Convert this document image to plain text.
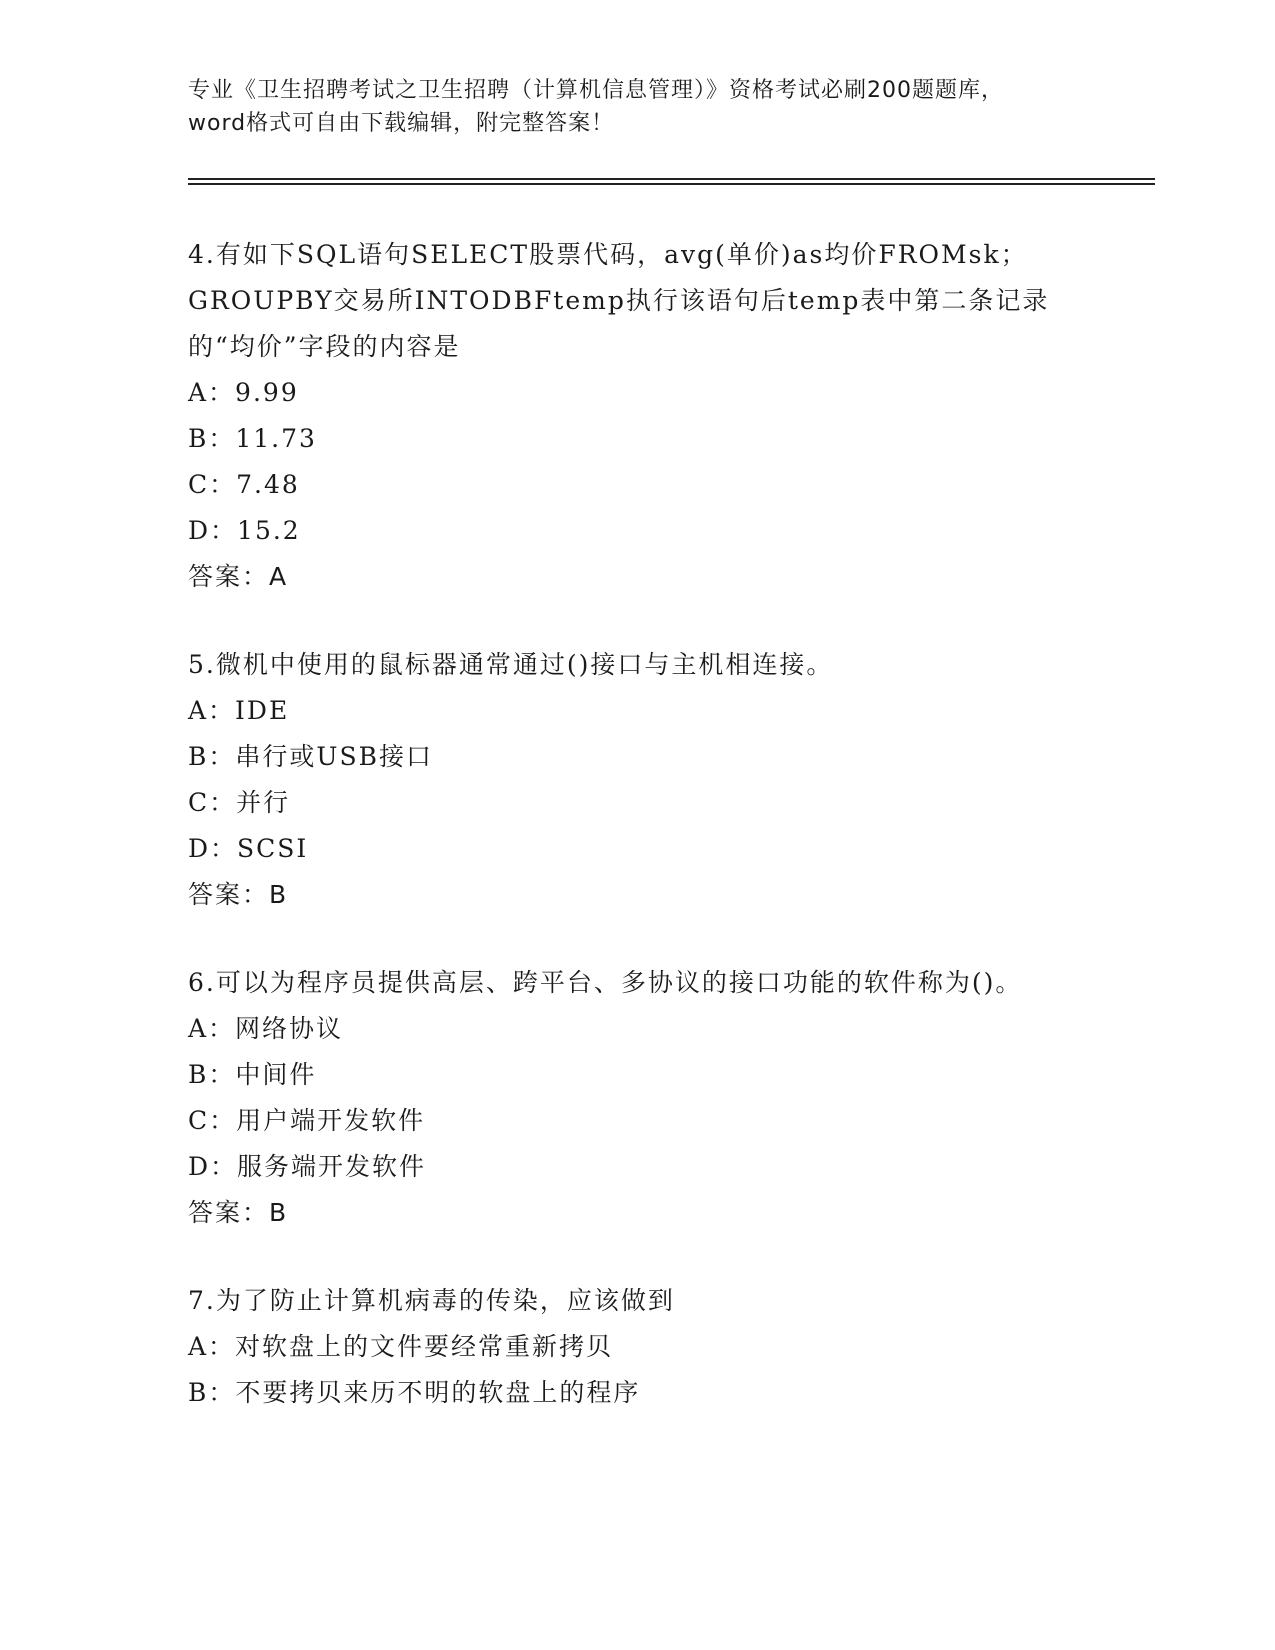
专业《卫生招聘考试之卫生招聘（计算机信息管理）》资格考试必刷200题题库，
word格式可自由下载编辑，附完整答案！
4.有如下SQL语句SELECT股票代码，avg(单价)as均价FROMsk；GROUPBY交易所INTODBFtemp执行该语句后temp表中第二条记录的“均价”字段的内容是
A：9.99
B：11.73
C：7.48
D：15.2
答案：A
5.微机中使用的鼠标器通常通过()接口与主机相连接。
A：IDE
B：串行或USB接口
C：并行
D：SCSI
答案：B
6.可以为程序员提供高层、跨平台、多协议的接口功能的软件称为()。
A：网络协议
B：中间件
C：用户端开发软件
D：服务端开发软件
答案：B
7.为了防止计算机病毒的传染，应该做到
A：对软盘上的文件要经常重新拷贝
B：不要拷贝来历不明的软盘上的程序
